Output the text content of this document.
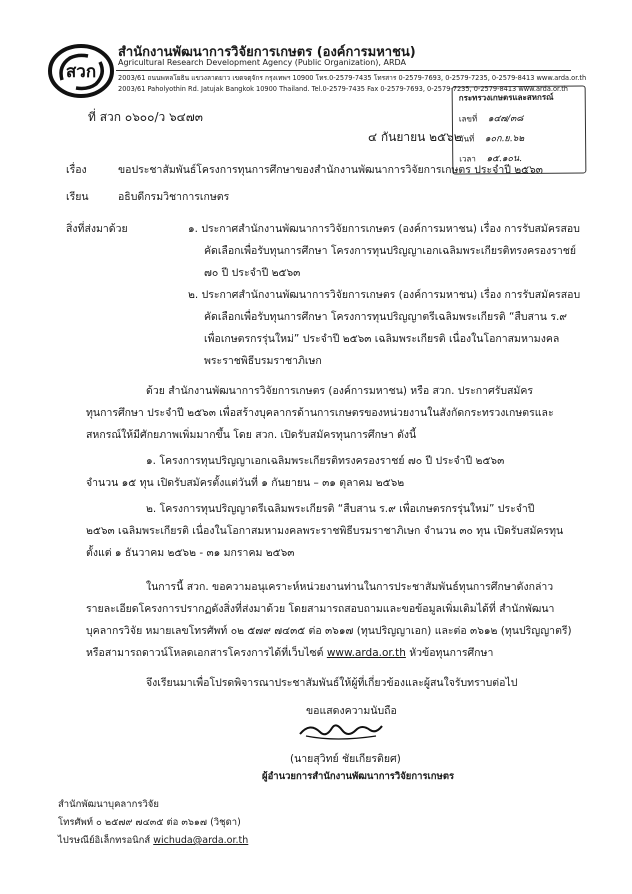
สวก
สำนักงานพัฒนาการวิจัยการเกษตร (องค์การมหาชน)
Agricultural Research Development Agency (Public Organization), ARDA
2003/61 ถนนพหลโยธิน แขวงลาดยาว เขตจตุจักร กรุงเทพฯ 10900 โทร.0-2579-7435 โทรสาร 0-2579-7693, 0-2579-7235, 0-2579-8413 www.arda.or.th
2003/61 Paholyothin Rd. Jatujak Bangkok 10900 Thailand. Tel.0-2579-7435 Fax 0-2579-7693, 0-2579-7235, 0-2579-8413 www.arda.or.th
กระทรวงเกษตรและสหกรณ์
เลขที่ ๑๔๗/๓๘
วันที่ ๑๐ก.ย.๖๒
เวลา ๑๕.๑๐น.
ที่ สวก ๐๖๐๐/ว ๖๔๗๓
๔ กันยายน ๒๕๖๒
เรื่อง	ขอประชาสัมพันธ์โครงการทุนการศึกษาของสำนักงานพัฒนาการวิจัยการเกษตร ประจำปี ๒๕๖๓
เรียน	อธิบดีกรมวิชาการเกษตร
สิ่งที่ส่งมาด้วย	๑. ประกาศสำนักงานพัฒนาการวิจัยการเกษตร (องค์การมหาชน) เรื่อง การรับสมัครสอบ
คัดเลือกเพื่อรับทุนการศึกษา โครงการทุนปริญญาเอกเฉลิมพระเกียรติทรงครองราชย์
๗๐ ปี ประจำปี ๒๕๖๓
๒. ประกาศสำนักงานพัฒนาการวิจัยการเกษตร (องค์การมหาชน) เรื่อง การรับสมัครสอบ
คัดเลือกเพื่อรับทุนการศึกษา โครงการทุนปริญญาตรีเฉลิมพระเกียรติ “สืบสาน ร.๙
เพื่อเกษตรกรรุ่นใหม่” ประจำปี ๒๕๖๓ เฉลิมพระเกียรติ เนื่องในโอกาสมหามงคล
พระราชพิธีบรมราชาภิเษก
ด้วย สำนักงานพัฒนาการวิจัยการเกษตร (องค์การมหาชน) หรือ สวก. ประกาศรับสมัคร
ทุนการศึกษา ประจำปี ๒๕๖๓ เพื่อสร้างบุคลากรด้านการเกษตรของหน่วยงานในสังกัดกระทรวงเกษตรและ
สหกรณ์ให้มีศักยภาพเพิ่มมากขึ้น โดย สวก. เปิดรับสมัครทุนการศึกษา ดังนี้
๑. โครงการทุนปริญญาเอกเฉลิมพระเกียรติทรงครองราชย์ ๗๐ ปี ประจำปี ๒๕๖๓
จำนวน ๑๕ ทุน เปิดรับสมัครตั้งแต่วันที่ ๑ กันยายน – ๓๑ ตุลาคม ๒๕๖๒
๒. โครงการทุนปริญญาตรีเฉลิมพระเกียรติ “สืบสาน ร.๙ เพื่อเกษตรกรรุ่นใหม่” ประจำปี
๒๕๖๓ เฉลิมพระเกียรติ เนื่องในโอกาสมหามงคลพระราชพิธีบรมราชาภิเษก จำนวน ๓๐ ทุน เปิดรับสมัครทุน
ตั้งแต่ ๑ ธันวาคม ๒๕๖๒ - ๓๑ มกราคม ๒๕๖๓
ในการนี้ สวก. ขอความอนุเคราะห์หน่วยงานท่านในการประชาสัมพันธ์ทุนการศึกษาดังกล่าว
รายละเอียดโครงการปรากฏดังสิ่งที่ส่งมาด้วย โดยสามารถสอบถามและขอข้อมูลเพิ่มเติมได้ที่ สำนักพัฒนา
บุคลากรวิจัย หมายเลขโทรศัพท์ ๐๒ ๕๗๙ ๗๔๓๕ ต่อ ๓๖๑๗ (ทุนปริญญาเอก) และต่อ ๓๖๑๒ (ทุนปริญญาตรี)
หรือสามารถดาวน์โหลดเอกสารโครงการได้ที่เว็บไซต์ www.arda.or.th หัวข้อทุนการศึกษา
จึงเรียนมาเพื่อโปรดพิจารณาประชาสัมพันธ์ให้ผู้ที่เกี่ยวข้องและผู้สนใจรับทราบต่อไป
ขอแสดงความนับถือ
(นายสุวิทย์ ชัยเกียรติยศ)
ผู้อำนวยการสำนักงานพัฒนาการวิจัยการเกษตร
สำนักพัฒนาบุคลากรวิจัย
โทรศัพท์ ๐ ๒๕๗๙ ๗๔๓๕ ต่อ ๓๖๑๗ (วิชุดา)
ไปรษณีย์อิเล็กทรอนิกส์ wichuda@arda.or.th
